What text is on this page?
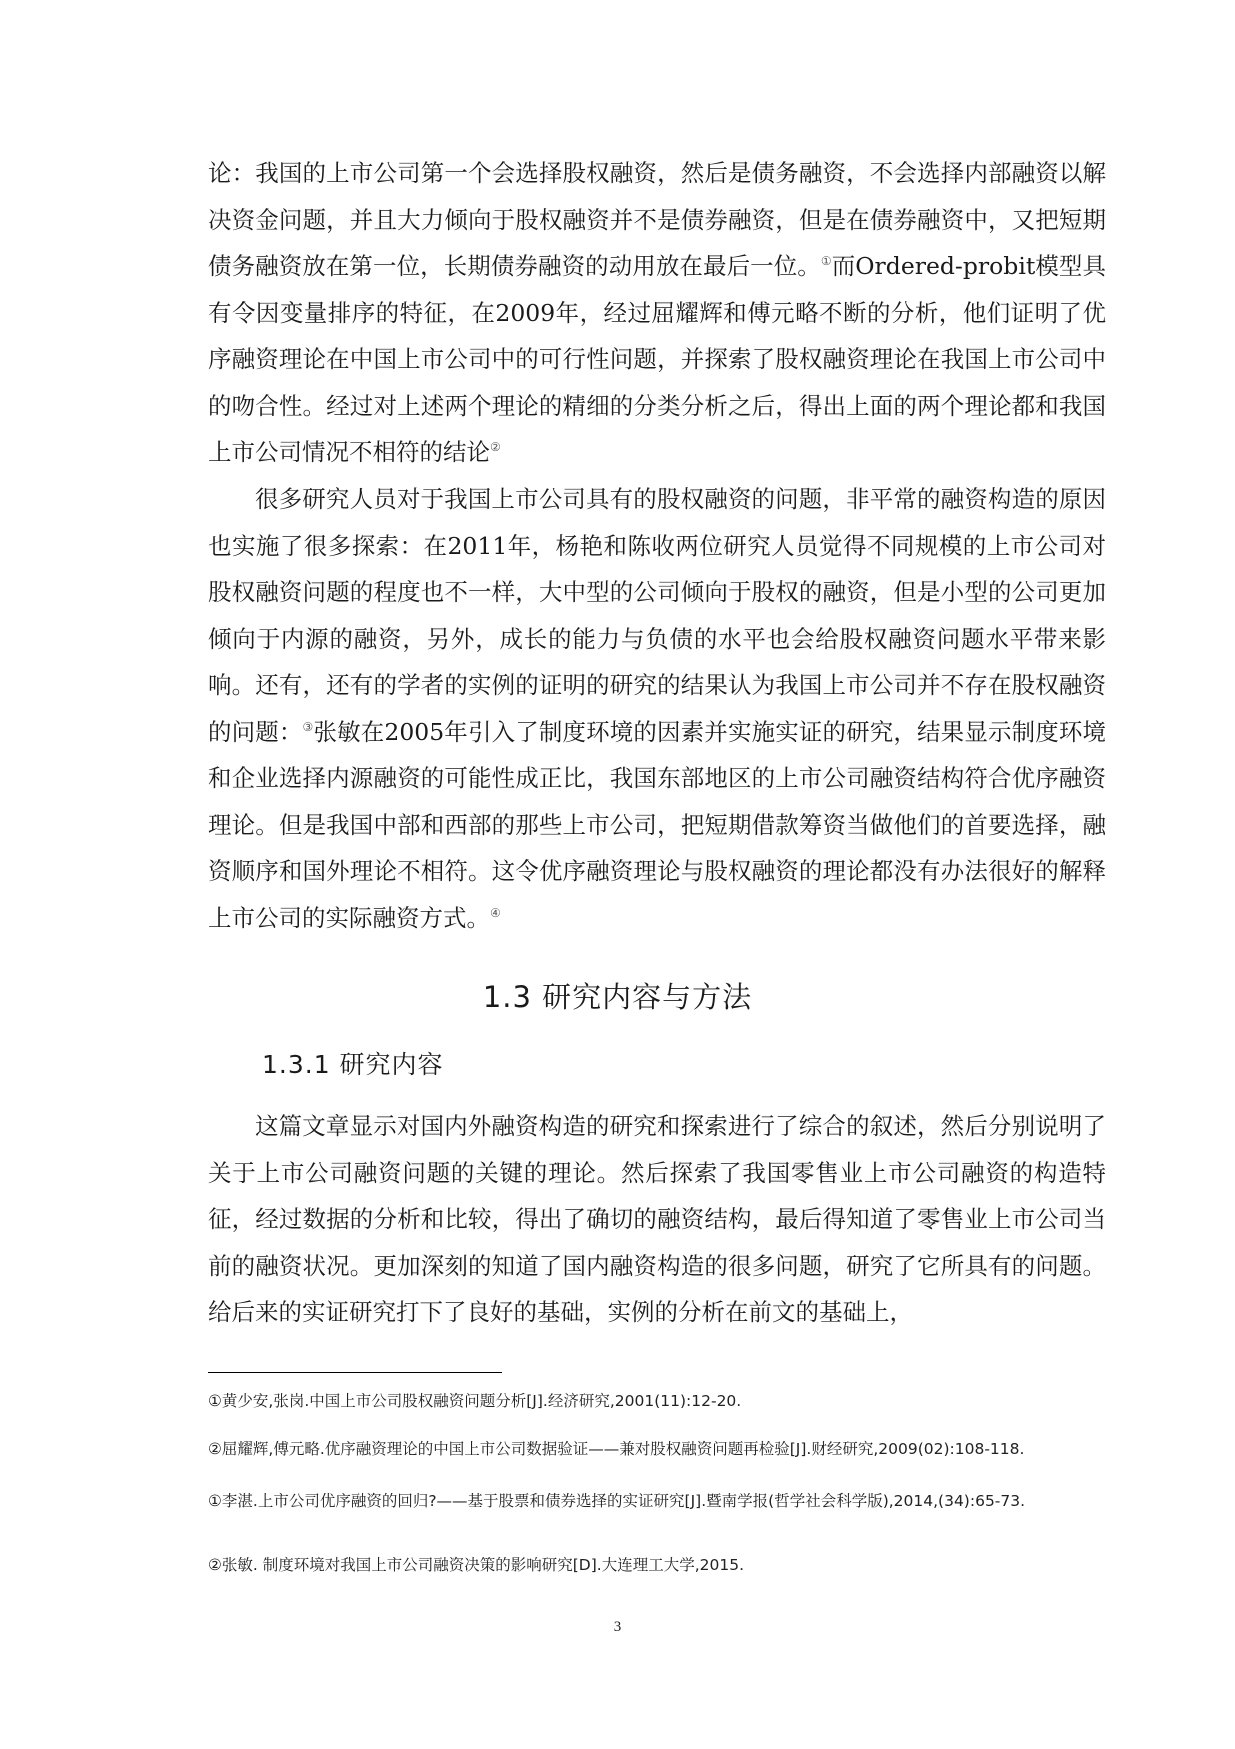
论：我国的上市公司第一个会选择股权融资，然后是债务融资，不会选择内部融资以解决资金问题，并且大力倾向于股权融资并不是债券融资，但是在债券融资中，又把短期债务融资放在第一位，长期债券融资的动用放在最后一位。①而Ordered-probit模型具有令因变量排序的特征，在2009年，经过屈耀辉和傅元略不断的分析，他们证明了优序融资理论在中国上市公司中的可行性问题，并探索了股权融资理论在我国上市公司中的吻合性。经过对上述两个理论的精细的分类分析之后，得出上面的两个理论都和我国上市公司情况不相符的结论②

很多研究人员对于我国上市公司具有的股权融资的问题，非平常的融资构造的原因也实施了很多探索：在2011年，杨艳和陈收两位研究人员觉得不同规模的上市公司对股权融资问题的程度也不一样，大中型的公司倾向于股权的融资，但是小型的公司更加倾向于内源的融资，另外，成长的能力与负债的水平也会给股权融资问题水平带来影响。还有，还有的学者的实例的证明的研究的结果认为我国上市公司并不存在股权融资的问题：③张敏在2005年引入了制度环境的因素并实施实证的研究，结果显示制度环境和企业选择内源融资的可能性成正比，我国东部地区的上市公司融资结构符合优序融资理论。但是我国中部和西部的那些上市公司，把短期借款筹资当做他们的首要选择，融资顺序和国外理论不相符。这令优序融资理论与股权融资的理论都没有办法很好的解释上市公司的实际融资方式。④

1.3 研究内容与方法
1.3.1 研究内容

这篇文章显示对国内外融资构造的研究和探索进行了综合的叙述，然后分别说明了关于上市公司融资问题的关键的理论。然后探索了我国零售业上市公司融资的构造特征，经过数据的分析和比较，得出了确切的融资结构，最后得知道了零售业上市公司当前的融资状况。更加深刻的知道了国内融资构造的很多问题，研究了它所具有的问题。给后来的实证研究打下了良好的基础，实例的分析在前文的基础上，

①黄少安,张岗.中国上市公司股权融资问题分析[J].经济研究,2001(11):12-20.

②屈耀辉,傅元略.优序融资理论的中国上市公司数据验证——兼对股权融资问题再检验[J].财经研究,2009(02):108-118.

①李湛.上市公司优序融资的回归?——基于股票和债券选择的实证研究[J].暨南学报(哲学社会科学版),2014,(34):65-73.

②张敏. 制度环境对我国上市公司融资决策的影响研究[D].大连理工大学,2015.

3
